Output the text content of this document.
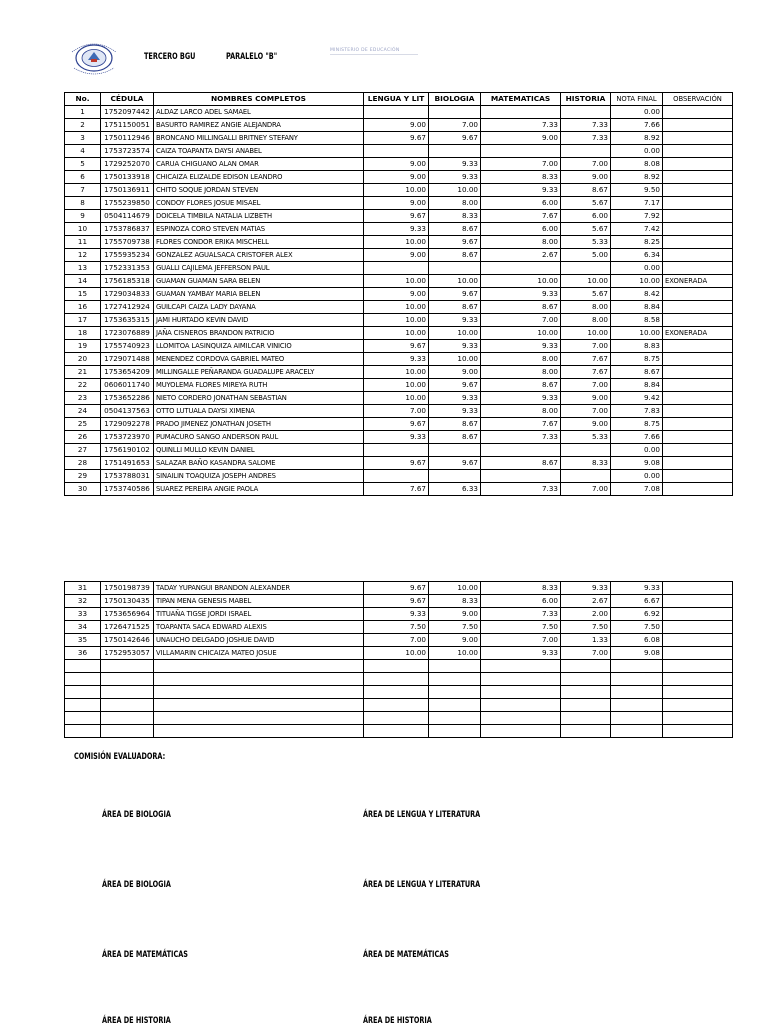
TERCERO BGU	PARALELO "B"
MINISTERIO DE EDUCACIÓN
No.	CÉDULA	NOMBRES COMPLETOS	LENGUA Y LIT	BIOLOGIA	MATEMATICAS	HISTORIA	NOTA FINAL	OBSERVACIÓN
1	1752097442	ALDAZ LARCO ADEL SAMAEL					0.00	
2	1751150051	BASURTO RAMIREZ ANGIE ALEJANDRA	9.00	7.00	7.33	7.33	7.66	
3	1750112946	BRONCANO MILLINGALLI BRITNEY STEFANY	9.67	9.67	9.00	7.33	8.92	
4	1753723574	CAIZA TOAPANTA DAYSI ANABEL					0.00	
5	1729252070	CARUA CHIGUANO ALAN OMAR	9.00	9.33	7.00	7.00	8.08	
6	1750133918	CHICAIZA ELIZALDE EDISON LEANDRO	9.00	9.33	8.33	9.00	8.92	
7	1750136911	CHITO SOQUE JORDAN STEVEN	10.00	10.00	9.33	8.67	9.50	
8	1755239850	CONDOY FLORES JOSUE MISAEL	9.00	8.00	6.00	5.67	7.17	
9	0504114679	DOICELA TIMBILA NATALIA LIZBETH	9.67	8.33	7.67	6.00	7.92	
10	1753786837	ESPINOZA CORO STEVEN MATIAS	9.33	8.67	6.00	5.67	7.42	
11	1755709738	FLORES CONDOR ERIKA MISCHELL	10.00	9.67	8.00	5.33	8.25	
12	1755935234	GONZALEZ AGUALSACA CRISTOFER ALEX	9.00	8.67	2.67	5.00	6.34	
13	1752331353	GUALLI CAJILEMA JEFFERSON PAUL					0.00	
14	1756185318	GUAMAN GUAMAN SARA BELEN	10.00	10.00	10.00	10.00	10.00	EXONERADA
15	1729034833	GUAMAN YAMBAY MARIA BELEN	9.00	9.67	9.33	5.67	8.42	
16	1727412924	GUILCAPI CAIZA LADY DAYANA	10.00	8.67	8.67	8.00	8.84	
17	1753635315	JAMI HURTADO KEVIN DAVID	10.00	9.33	7.00	8.00	8.58	
18	1723076889	JAÑA CISNEROS BRANDON PATRICIO	10.00	10.00	10.00	10.00	10.00	EXONERADA
19	1755740923	LLOMITOA LASINQUIZA AIMILCAR VINICIO	9.67	9.33	9.33	7.00	8.83	
20	1729071488	MENENDEZ CORDOVA GABRIEL MATEO	9.33	10.00	8.00	7.67	8.75	
21	1753654209	MILLINGALLE PEÑARANDA GUADALUPE ARACELY	10.00	9.00	8.00	7.67	8.67	
22	0606011740	MUYOLEMA FLORES MIREYA RUTH	10.00	9.67	8.67	7.00	8.84	
23	1753652286	NIETO CORDERO JONATHAN SEBASTIAN	10.00	9.33	9.33	9.00	9.42	
24	0504137563	OTTO LUTUALA DAYSI XIMENA	7.00	9.33	8.00	7.00	7.83	
25	1729092278	PRADO JIMENEZ JONATHAN JOSETH	9.67	8.67	7.67	9.00	8.75	
26	1753723970	PUMACURO SANGO ANDERSON PAUL	9.33	8.67	7.33	5.33	7.66	
27	1756190102	QUINLLI MULLO KEVIN DANIEL					0.00	
28	1751491653	SALAZAR BAÑO KASANDRA SALOME	9.67	9.67	8.67	8.33	9.08	
29	1753788031	SINAILIN TOAQUIZA JOSEPH ANDRES					0.00	
30	1753740586	SUAREZ PEREIRA ANGIE PAOLA	7.67	6.33	7.33	7.00	7.08	
31	1750198739	TADAY YUPANGUI BRANDON ALEXANDER	9.67	10.00	8.33	9.33	9.33	
32	1750130435	TIPAN MENA GENESIS MABEL	9.67	8.33	6.00	2.67	6.67	
33	1753656964	TITUAÑA TIGSE JORDI ISRAEL	9.33	9.00	7.33	2.00	6.92	
34	1726471525	TOAPANTA SACA EDWARD ALEXIS	7.50	7.50	7.50	7.50	7.50	
35	1750142646	UNAUCHO DELGADO JOSHUE DAVID	7.00	9.00	7.00	1.33	6.08	
36	1752953057	VILLAMARIN CHICAIZA MATEO JOSUE	10.00	10.00	9.33	7.00	9.08	

COMISIÓN EVALUADORA:
ÁREA DE BIOLOGIA	ÁREA DE LENGUA Y LITERATURA
ÁREA DE BIOLOGIA	ÁREA DE LENGUA Y LITERATURA
ÁREA DE MATEMÁTICAS	ÁREA DE MATEMÁTICAS
ÁREA DE HISTORIA	ÁREA DE HISTORIA
